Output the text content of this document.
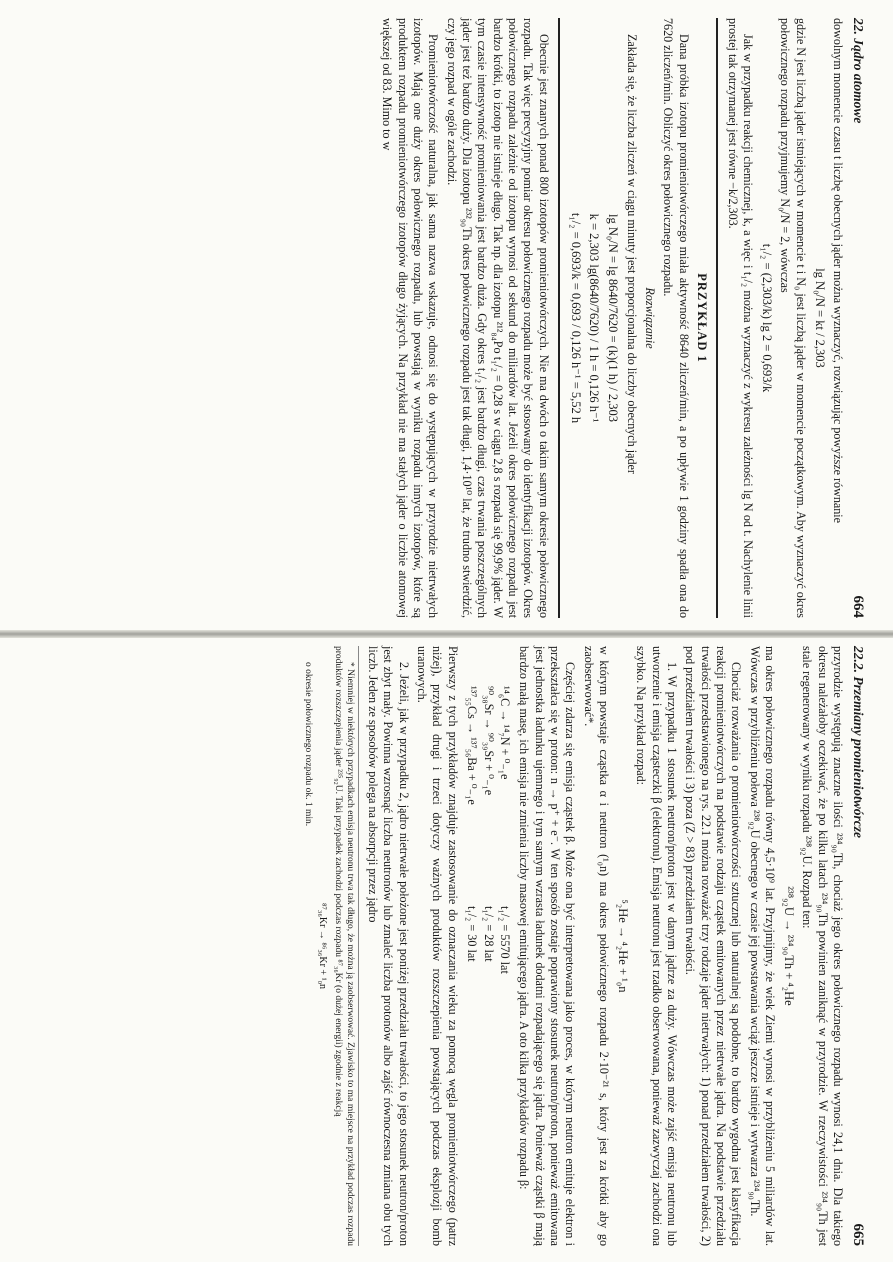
22. Jądro atomowe
664

dowolnym momencie czasu t liczbę obecnych jąder można wyznaczyć, rozwiązując powyższe równanie

lg N₀/N = kt / 2,303

gdzie N jest liczbą jąder istniejących w momencie t i N₀ jest liczbą jąder w momencie początkowym. Aby wyznaczyć okres połowicznego rozpadu przyjmujemy N₀/N = 2, wówczas

t₁/₂ = (2,303/k) lg 2 = 0,693/k

Jak w przypadku reakcji chemicznej, k, a więc i t₁/₂ można wyznaczyć z wykresu zależności lg N od t. Nachylenie linii prostej tak otrzymanej jest równe −k/2,303.

PRZYKŁAD 1

Dana próbka izotopu promieniotwórczego miała aktywność 8640 zliczeń/min, a po upływie 1 godziny spadła ona do 7620 zliczeń/min. Obliczyć okres połowicznego rozpadu.

Rozwiązanie

Zakłada się, że liczba zliczeń w ciągu minuty jest proporcjonalna do liczby obecnych jąder

lg N₀/N = lg 8640/7620 = (k)(1 h) / 2,303
k = 2,303 lg(8640/7620) / 1 h = 0,126 h⁻¹
t₁/₂ = 0,693/k = 0,693 / 0,126 h⁻¹ = 5,52 h

Obecnie jest znanych ponad 800 izotopów promieniotwórczych. Nie ma dwóch o takim samym okresie połowicznego rozpadu. Tak więc precyzyjny pomiar okresu połowicznego rozpadu może być stosowany do identyfikacji izotopów. Okres połowicznego rozpadu zależnie od izotopu wynosi od sekund do miliardów lat. Jeżeli okres połowicznego rozpadu jest bardzo krótki, to izotop nie istnieje długo. Tak np. dla izotopu ²¹²₈₄Po t₁/₂ = 0,28 s w ciągu 2,8 s rozpada się 99,9% jąder. W tym czasie intensywność promieniowania jest bardzo duża. Gdy okres t₁/₂ jest bardzo długi, czas trwania poszczególnych jąder jest też bardzo duży. Dla izotopu ²³²₉₀Th okres połowicznego rozpadu jest tak długi, 1,4·10¹⁰ lat, że trudno stwierdzić, czy jego rozpad w ogóle zachodzi.

Promieniotwórczość naturalna, jak sama nazwa wskazuje, odnosi się do występujących w przyrodzie nietrwałych izotopów. Mają one duży okres połowicznego rozpadu, lub powstają w wyniku rozpadu innych izotopów, które są produktem rozpadu promieniotwórczego izotopów długo żyjących. Na przykład nie ma stałych jąder o liczbie atomowej większej od 83. Mimo to w

22.2. Przemiany promieniotwórcze
665

przyrodzie występują znaczne ilości ²³⁴₉₀Th, chociaż jego okres połowicznego rozpadu wynosi 24,1 dnia. Dla takiego okresu należałoby oczekiwać, że po kilku latach ²³⁴₉₀Th powinien zaniknąć w przyrodzie. W rzeczywistości ²³⁴₉₀Th jest stale regenerowany w wyniku rozpadu ²³⁸₉₂U. Rozpad ten:

²³⁸₉₂U → ²³⁴₉₀Th + ⁴₂He

ma okres połowicznego rozpadu równy 4,5·10⁹ lat. Przyjmijmy, że wiek Ziemi wynosi w przybliżeniu 5 miliardów lat. Wówczas w przybliżeniu połowa ²³⁸₉₂U obecnego w czasie jej powstawania wciąż jeszcze istnieje i wytwarza ²³⁴₉₀Th.

Chociaż rozważania o promieniotwórczości sztucznej lub naturalnej są podobne, to bardzo wygodna jest klasyfikacja reakcji promieniotwórczych na podstawie rodzaju cząstek emitowanych przez nietrwałe jądra. Na podstawie przedziału trwałości przedstawionego na rys. 22.1 można rozważać trzy rodzaje jąder nietrwałych: 1) ponad przedziałem trwałości, 2) pod przedziałem trwałości i 3) poza (Z > 83) przedziałem trwałości.

1. W przypadku 1 stosunek neutron/proton jest w danym jądrze za duży. Wówczas może zajść emisja neutronu lub utworzenie i emisja cząsteczki β (elektronu). Emisja neutronu jest rzadko obserwowana, ponieważ zazwyczaj zachodzi ona szybko. Na przykład rozpad:

⁵₂He → ⁴₂He + ¹₀n

w którym powstaje cząstka α i neutron (¹₀n) ma okres połowicznego rozpadu 2·10⁻²¹ s, który jest za krótki aby go zaobserwować*.

Częściej zdarza się emisja cząstek β. Może ona być interpretowana jako proces, w którym neutron emituje elektron i przekształca się w proton: n → p⁺ + e⁻. W ten sposób zostaje poprawiony stosunek neutron/proton, ponieważ emitowana jest jednostka ładunku ujemnego i tym samym wzrasta ładunek dodatni rozpadającego się jądra. Ponieważ cząstki β mają bardzo małą masę, ich emisja nie zmienia liczby masowej emitującego jądra. A oto kilka przykładów rozpadu β:

¹⁴₆C → ¹⁴₇N + ⁰₋₁e
t₁/₂ = 5570 lat
⁹⁰₃₈Sr → ⁹⁰₃₉Sr + ⁰₋₁e
t₁/₂ = 28 lat
¹³⁷₅₅Cs → ¹³⁷₅₆Ba + ⁰₋₁e
t₁/₂ = 30 lat

Pierwszy z tych przykładów znajduje zastosowanie do oznaczania wieku za pomocą węgla promieniotwórczego (patrz niżej), przykład drugi i trzeci dotyczy ważnych produktów rozszczepienia powstających podczas eksplozji bomb uranowych.

2. Jeżeli, jak w przypadku 2, jądro nietrwałe położone jest poniżej przedziału trwałości, to jego stosunek neutron/proton jest zbyt mały. Powinna wzrosnąć liczba neutronów lub zmaleć liczba protonów albo zajść równoczesna zmiana obu tych liczb. Jeden ze sposobów polega na absorpcji przez jądro

* Niemniej w niektórych przypadkach emisja neutronu trwa tak długo, że można ją zaobserwować. Zjawisko to ma miejsce na przykład podczas rozpadu produktów rozszczepienia jąder ²³⁵₉₂U. Taki przypadek zachodzi podczas rozpadu ⁸⁷₃₆Kr (o dużej energii) zgodnie z reakcją

⁸⁷₃₆Kr → ⁸⁶₃₆Kr + ¹₀n

o okresie połowicznego rozpadu ok. 1 min.
